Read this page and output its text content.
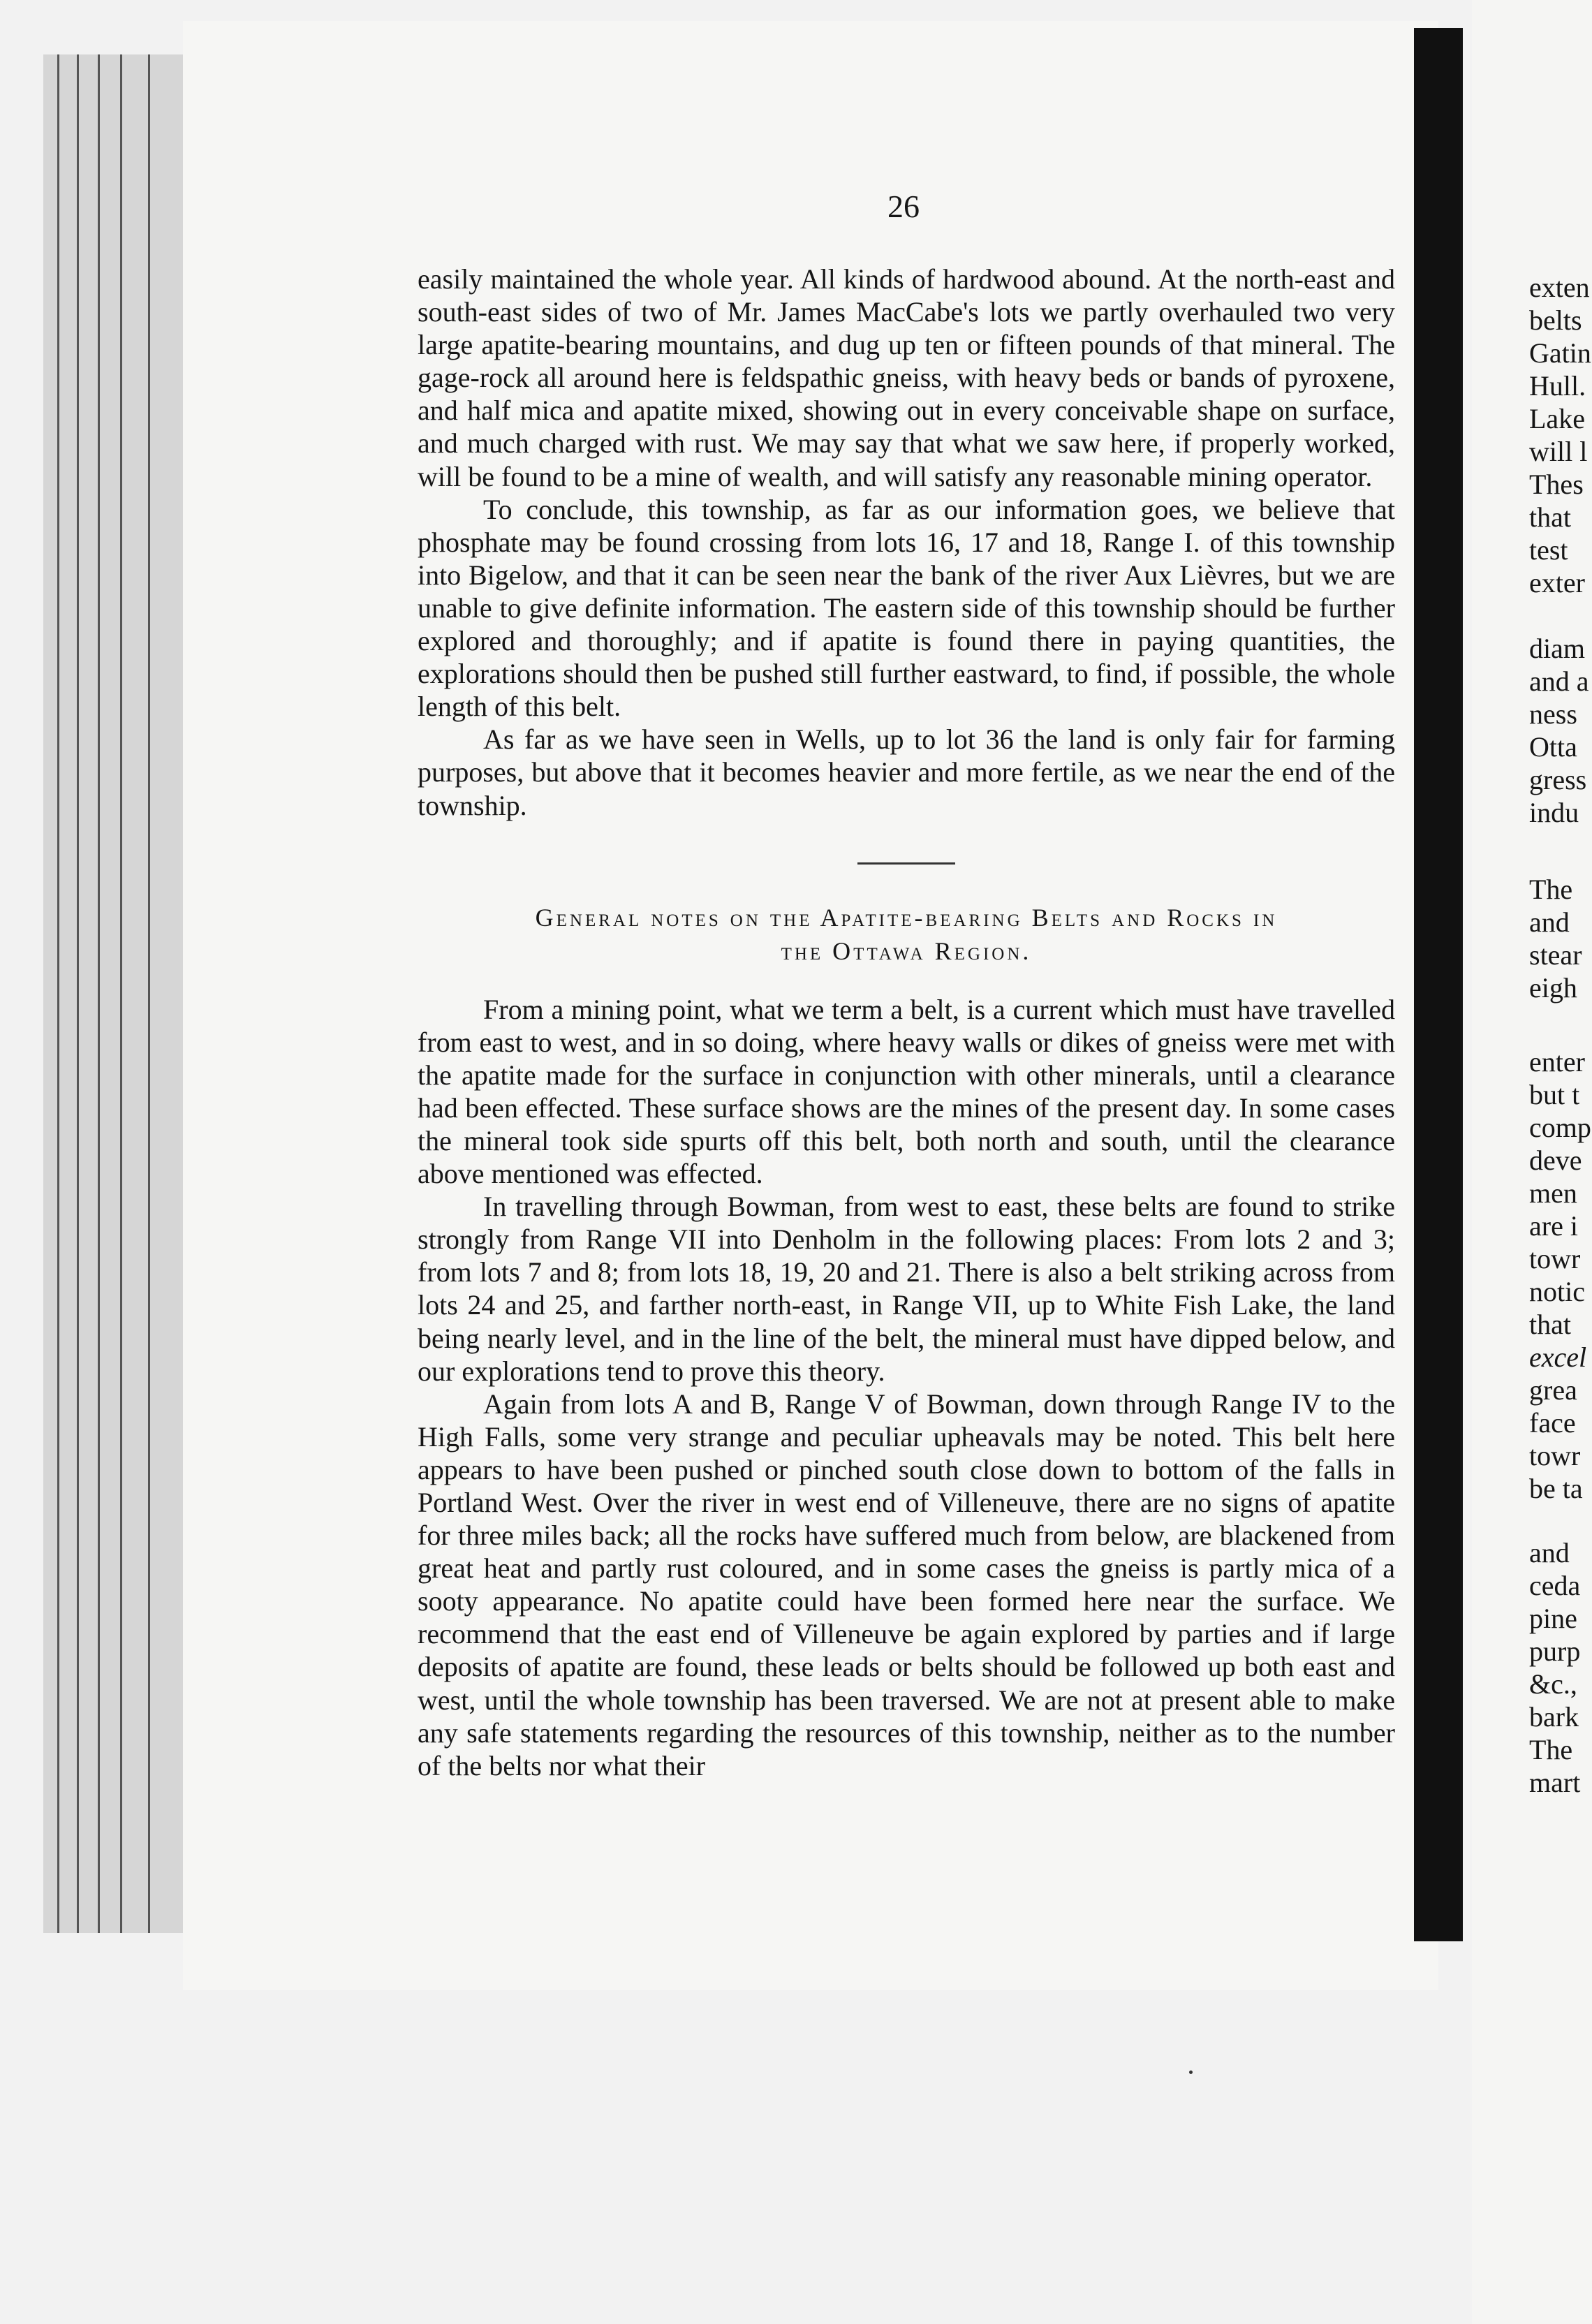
26

easily maintained the whole year. All kinds of hardwood abound. At the north-east and south-east sides of two of Mr. James MacCabe's lots we partly overhauled two very large apatite-bearing mountains, and dug up ten or fifteen pounds of that mineral. The gage-rock all around here is feldspathic gneiss, with heavy beds or bands of pyroxene, and half mica and apatite mixed, showing out in every conceivable shape on surface, and much charged with rust. We may say that what we saw here, if properly worked, will be found to be a mine of wealth, and will satisfy any reasonable mining operator.

To conclude, this township, as far as our information goes, we believe that phosphate may be found crossing from lots 16, 17 and 18, Range I. of this township into Bigelow, and that it can be seen near the bank of the river Aux Lièvres, but we are unable to give definite information. The eastern side of this township should be further explored and thoroughly; and if apatite is found there in paying quantities, the explorations should then be pushed still further eastward, to find, if possible, the whole length of this belt.

As far as we have seen in Wells, up to lot 36 the land is only fair for farming purposes, but above that it becomes heavier and more fertile, as we near the end of the township.

General notes on the Apatite-bearing Belts and Rocks in
the Ottawa Region.

From a mining point, what we term a belt, is a current which must have travelled from east to west, and in so doing, where heavy walls or dikes of gneiss were met with the apatite made for the surface in conjunction with other minerals, until a clearance had been effected. These surface shows are the mines of the present day. In some cases the mineral took side spurts off this belt, both north and south, until the clearance above mentioned was effected.

In travelling through Bowman, from west to east, these belts are found to strike strongly from Range VII into Denholm in the following places: From lots 2 and 3; from lots 7 and 8; from lots 18, 19, 20 and 21. There is also a belt striking across from lots 24 and 25, and farther north-east, in Range VII, up to White Fish Lake, the land being nearly level, and in the line of the belt, the mineral must have dipped below, and our explorations tend to prove this theory.

Again from lots A and B, Range V of Bowman, down through Range IV to the High Falls, some very strange and peculiar upheavals may be noted. This belt here appears to have been pushed or pinched south close down to bottom of the falls in Portland West. Over the river in west end of Villeneuve, there are no signs of apatite for three miles back; all the rocks have suffered much from below, are blackened from great heat and partly rust coloured, and in some cases the gneiss is partly mica of a sooty appearance. No apatite could have been formed here near the surface. We recommend that the east end of Villeneuve be again explored by parties and if large deposits of apatite are found, these leads or belts should be followed up both east and west, until the whole township has been traversed. We are not at present able to make any safe statements regarding the resources of this township, neither as to the number of the belts nor what their

exten
belts
Gatin
Hull.
Lake
will l
Thes
that
test
exter
diam
and a
ness
Otta
gress
indu
The
and
stear
eigh
enter
but t
comp
deve
men
are i
towr
notic
that
excel
grea
face
towr
be ta
and
ceda
pine
purp
&c.,
bark
The
mart
